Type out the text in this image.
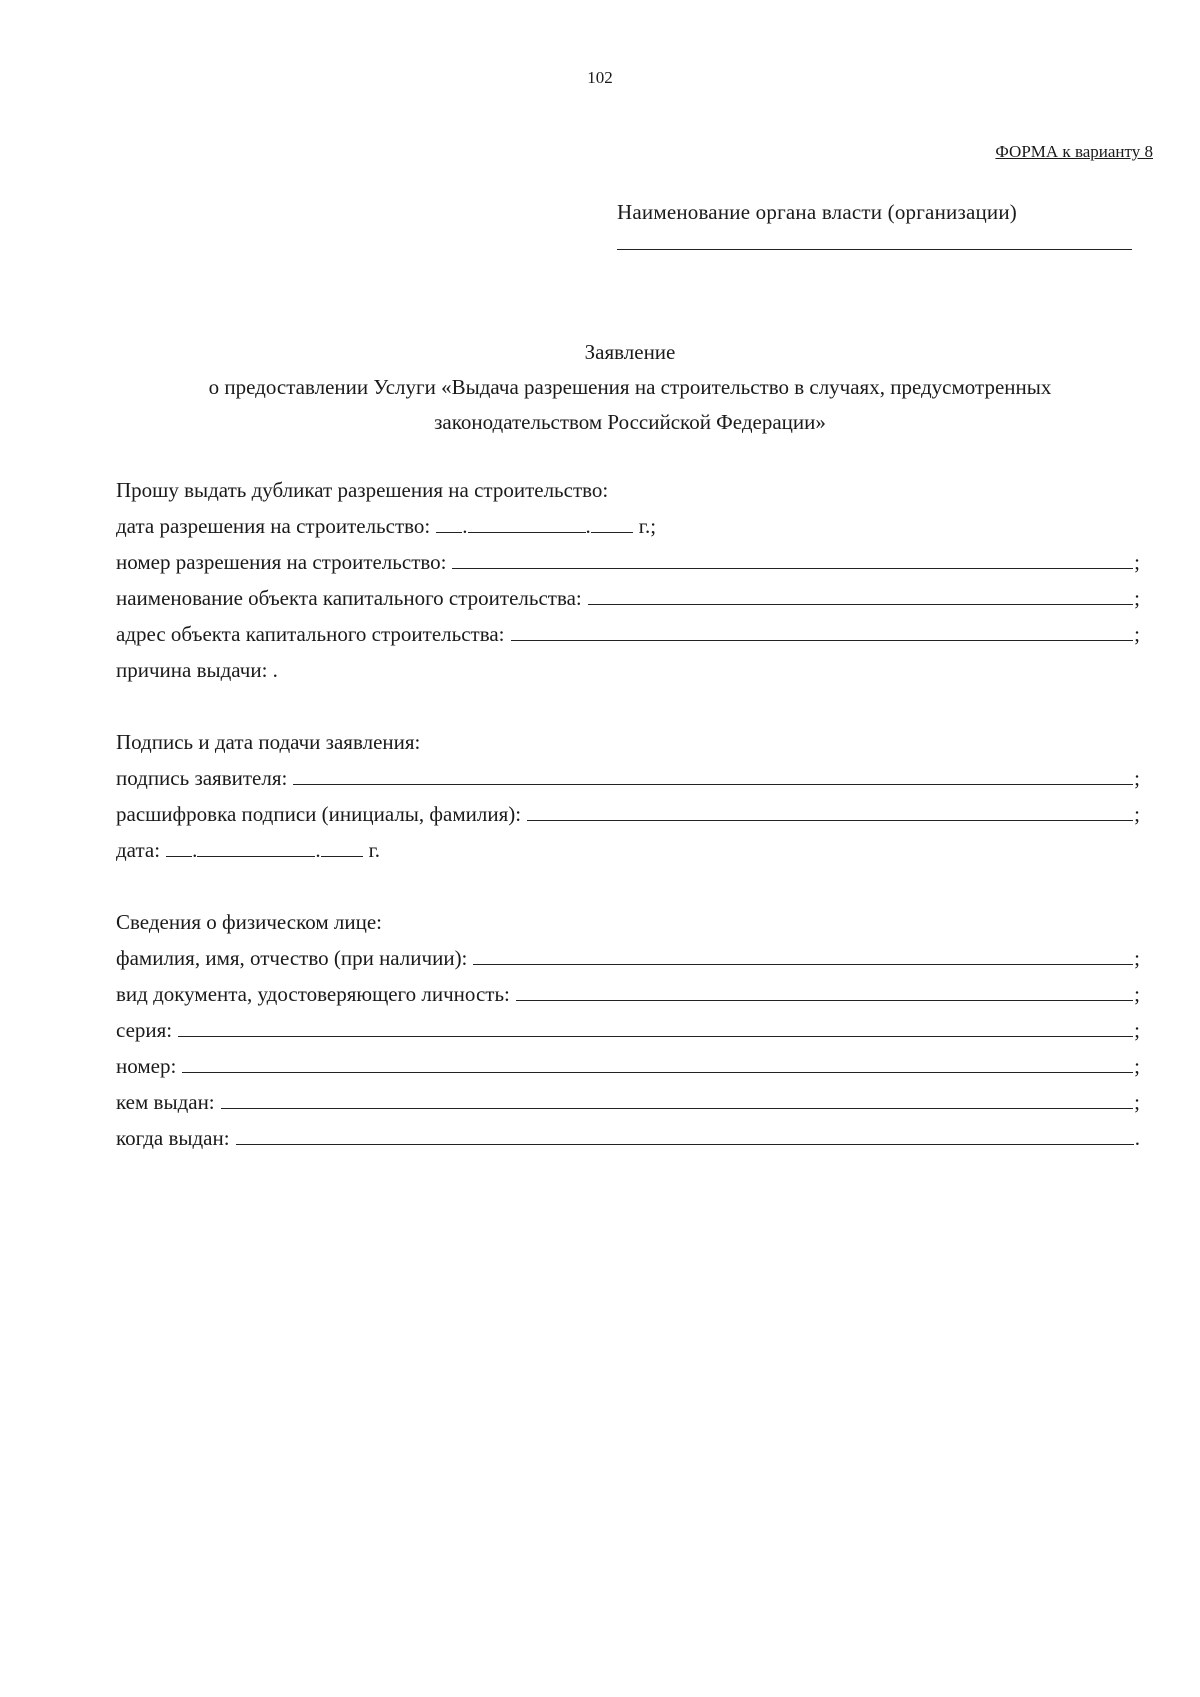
102
ФОРМА к варианту 8
Наименование органа власти (организации)
Заявление
о предоставлении Услуги «Выдача разрешения на строительство в случаях, предусмотренных
законодательством Российской Федерации»
Прошу выдать дубликат разрешения на строительство:
дата разрешения на строительство: .	. г.;
номер разрешения на строительство:	;
наименование объекта капитального строительства:	;
адрес объекта капитального строительства:	;
причина выдачи: .
Подпись и дата подачи заявления:
подпись заявителя:	;
расшифровка подписи (инициалы, фамилия):	;
дата: .	. г.
Сведения о физическом лице:
фамилия, имя, отчество (при наличии):	;
вид документа, удостоверяющего личность:	;
серия:	;
номер:	;
кем выдан:	;
когда выдан:	.
